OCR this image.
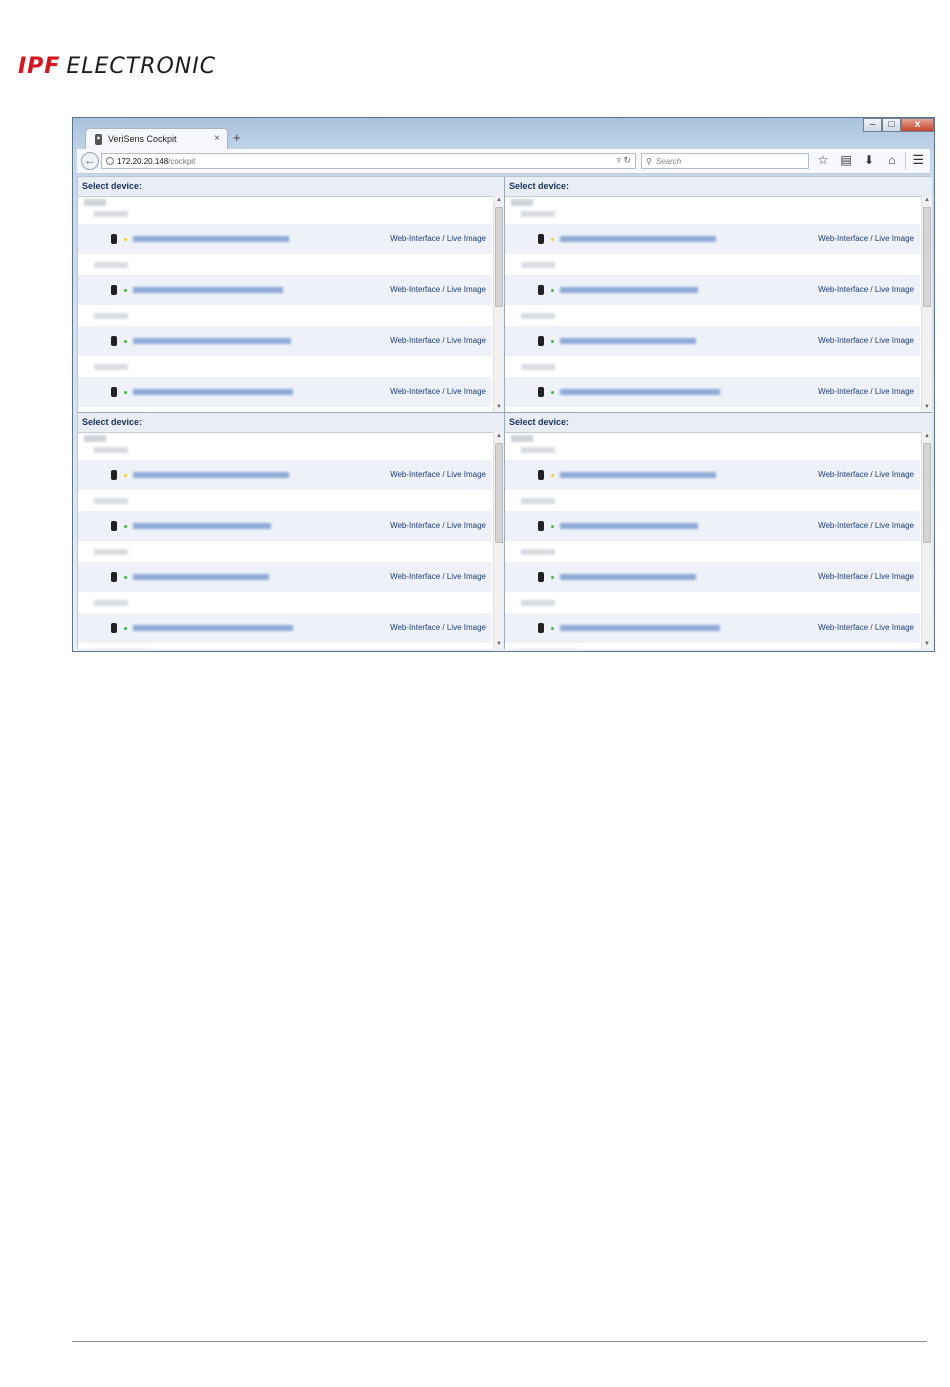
IPF ELECTRONIC
–	□	x
VeriSens Cockpit	× +
←	172.20.20.148 /cockpit	▿ ↻ ⚲ Search	☆ ▤ ⬇ ⌂ ☰
Select device:
Web-Interface / Live Image
Web-Interface / Live Image
Web-Interface / Live Image
Web-Interface / Live Image
▲
▼
Select device:
Web-Interface / Live Image
Web-Interface / Live Image
Web-Interface / Live Image
Web-Interface / Live Image
▲
▼
Select device:
Web-Interface / Live Image
Web-Interface / Live Image
Web-Interface / Live Image
Web-Interface / Live Image
▲
▼
Select device:
Web-Interface / Live Image
Web-Interface / Live Image
Web-Interface / Live Image
Web-Interface / Live Image
▲
▼
